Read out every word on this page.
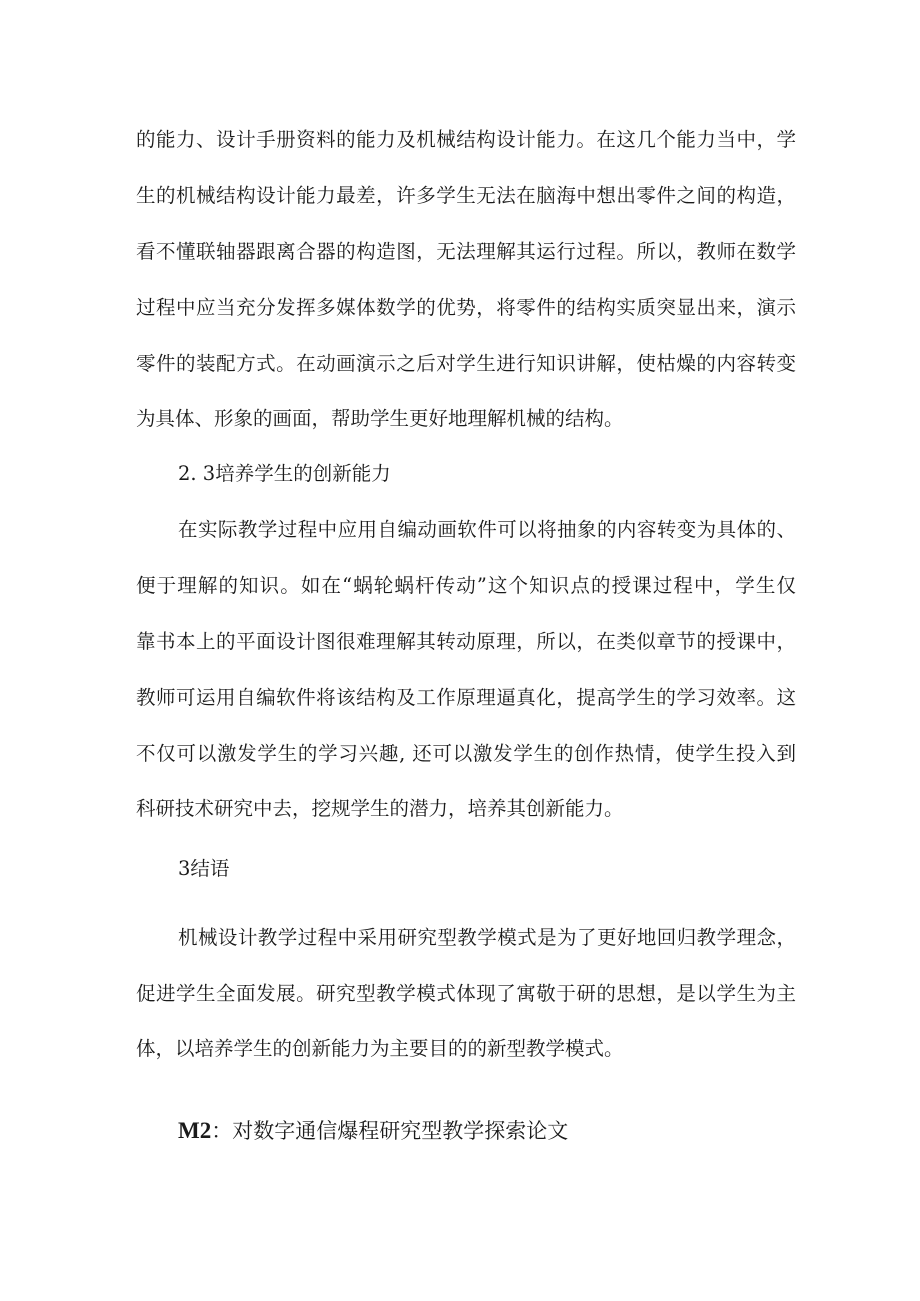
的能力、设计手册资料的能力及机械结构设计能力。在这几个能力当中，学
生的机械结构设计能力最差，许多学生无法在脑海中想出零件之间的构造，
看不懂联轴器跟离合器的构造图，无法理解其运行过程。所以，教师在数学
过程中应当充分发挥多媒体数学的优势，将零件的结构实质突显出来，演示
零件的装配方式。在动画演示之后对学生进行知识讲解，使枯燥的内容转变
为具体、形象的画面，帮助学生更好地理解机械的结构。
2. 3培养学生的创新能力
在实际教学过程中应用自编动画软件可以将抽象的内容转变为具体的、
便于理解的知识。如在“蜗轮蜗杆传动”这个知识点的授课过程中，学生仅
靠书本上的平面设计图很难理解其转动原理，所以，在类似章节的授课中，
教师可运用自编软件将该结构及工作原理逼真化，提高学生的学习效率。这
不仅可以激发学生的学习兴趣, 还可以激发学生的创作热情，使学生投入到
科研技术研究中去，挖规学生的潜力，培养其创新能力。
3结语
机械设计教学过程中采用研究型教学模式是为了更好地回归教学理念，
促进学生全面发展。研究型教学模式体现了寓敬于研的思想，是以学生为主
体，以培养学生的创新能力为主要目的的新型教学模式。
M2：对数字通信爆程研究型教学探索论文
